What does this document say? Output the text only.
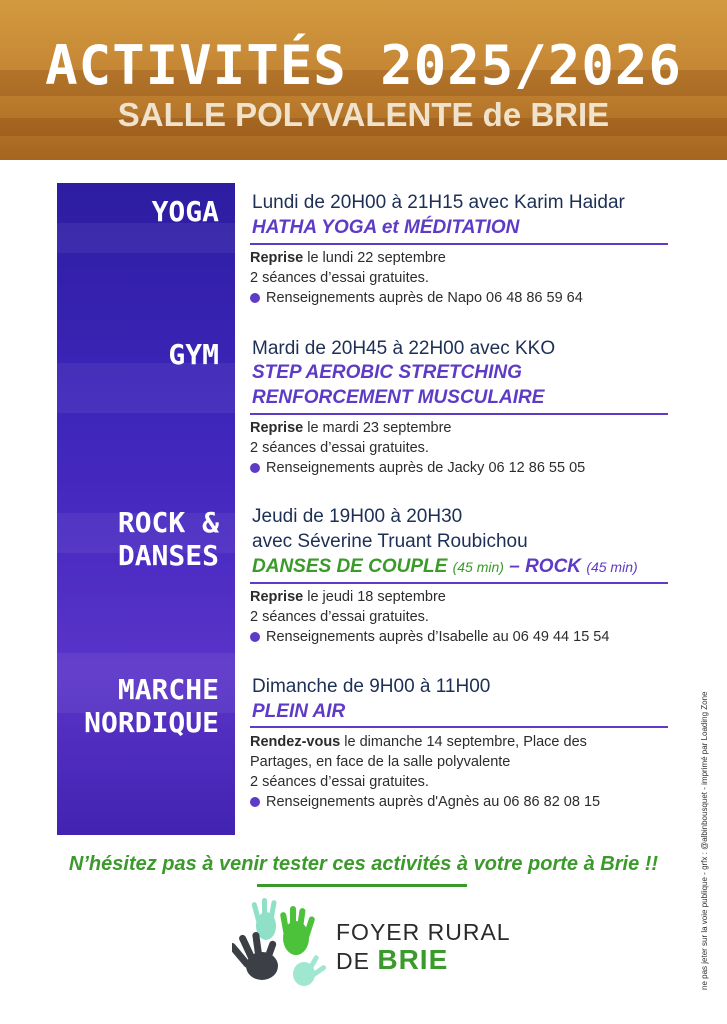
ACTIVITÉS 2025/2026
SALLE POLYVALENTE de BRIE
YOGA
GYM
ROCK &
DANSES
MARCHE
NORDIQUE
Lundi de 20H00 à 21H15 avec Karim Haidar
HATHA YOGA et MÉDITATION
Reprise le lundi 22 septembre
2 séances d’essai gratuites.
Renseignements auprès de Napo 06 48 86 59 64
Mardi de 20H45 à 22H00 avec KKO
STEP AEROBIC STRETCHING
RENFORCEMENT MUSCULAIRE
Reprise le mardi 23 septembre
2 séances d’essai gratuites.
Renseignements auprès de Jacky 06 12 86 55 05
Jeudi de 19H00 à 20H30
avec Séverine Truant Roubichou
DANSES DE COUPLE (45 min) – ROCK (45 min)
Reprise le jeudi 18 septembre
2 séances d’essai gratuites.
Renseignements auprès d’Isabelle au 06 49 44 15 54
Dimanche de 9H00 à 11H00
PLEIN AIR
Rendez-vous le dimanche 14 septembre, Place des
Partages, en face de la salle polyvalente
2 séances d’essai gratuites.
Renseignements auprès d'Agnès au 06 86 82 08 15
N’hésitez pas à venir tester ces activités à votre porte à Brie !!
FOYER RURAL
DE BRIE	ne pas jeter sur la voie publique - grfx : @albinbousquet - imprimé par Loading Zone
